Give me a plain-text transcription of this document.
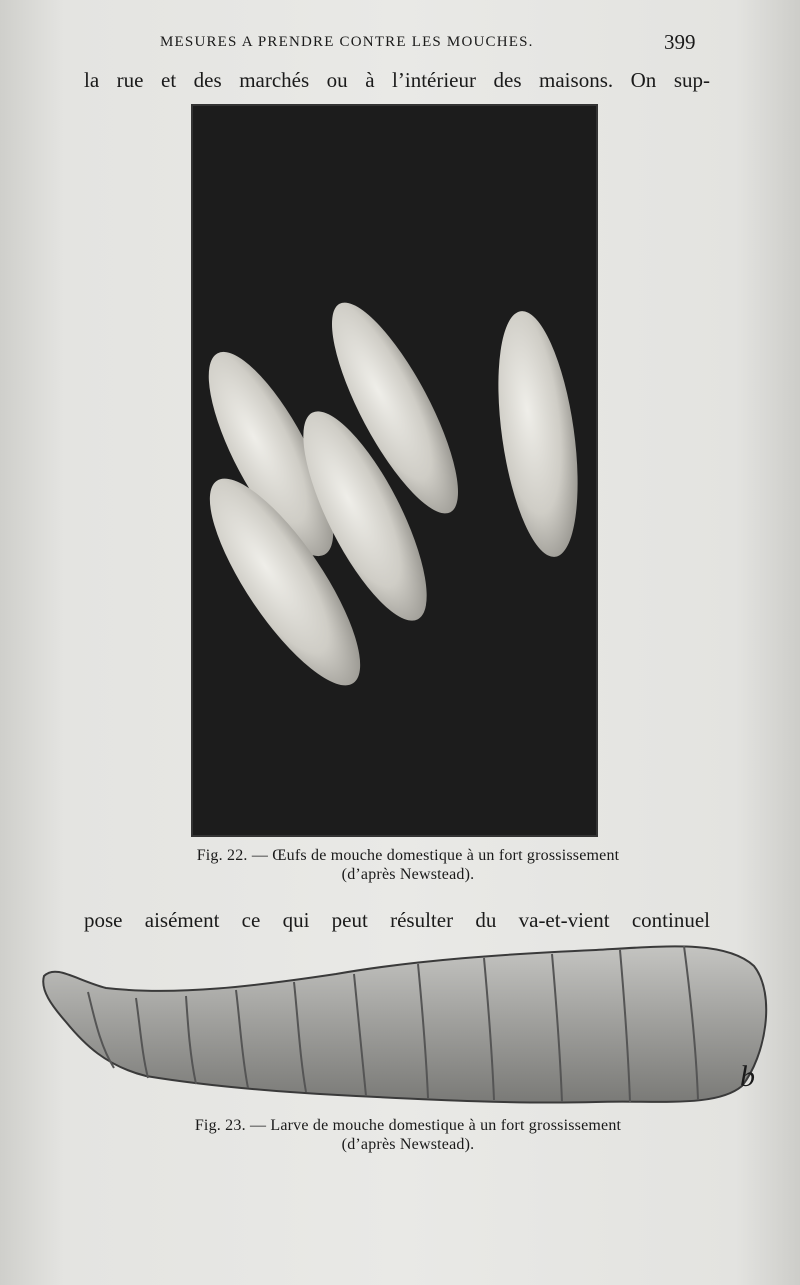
MESURES A PRENDRE CONTRE LES MOUCHES.	399
la rue et des marchés ou à l’intérieur des maisons. On sup-
Fig. 22. — Œufs de mouche domestique à un fort grossissement
(d’après Newstead).
pose aisément ce qui peut résulter du va-et-vient continuel
b
Fig. 23. — Larve de mouche domestique à un fort grossissement
(d’après Newstead).
